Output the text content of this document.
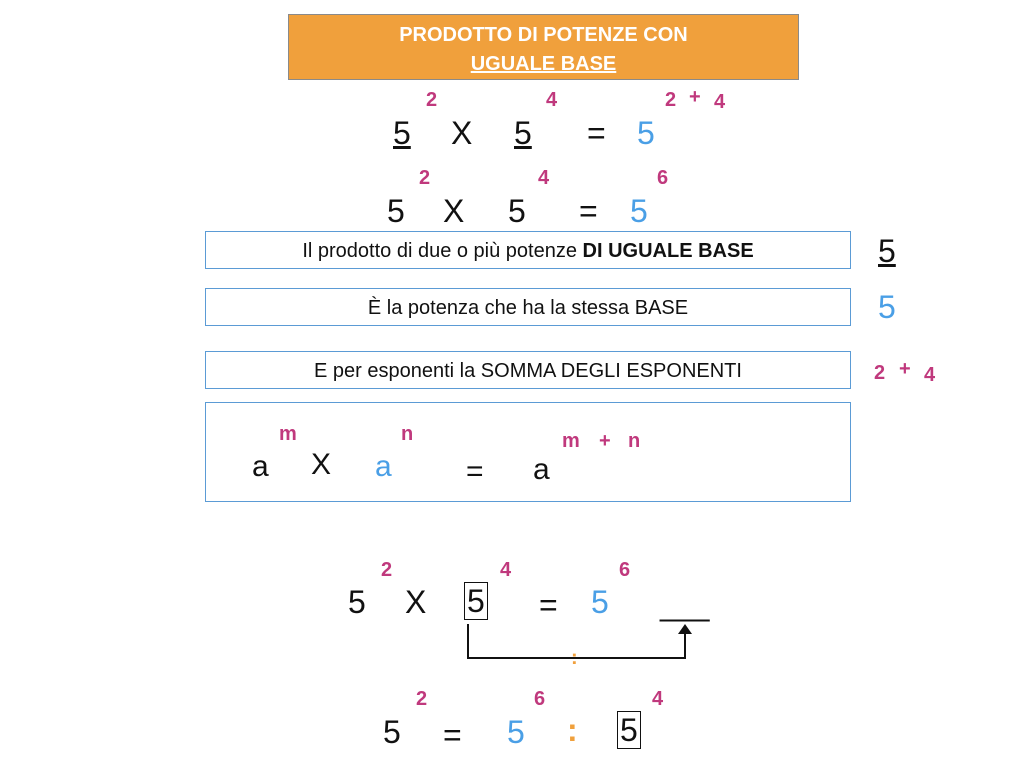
PRODOTTO DI POTENZE CON
UGUALE BASE
5
2
X 5
4
= 5
2 + 4
5
2
X 5
4
= 5
6
Il prodotto di due o più potenze DI UGUALE BASE	5
È la potenza che ha la stessa BASE	5
E per esponenti la SOMMA DEGLI ESPONENTI	2 + 4
a
m
X a
n
= a
m + n
5
2
X 5
4
= 5
6
___
:
5
2
= 5
6
: 5
4
